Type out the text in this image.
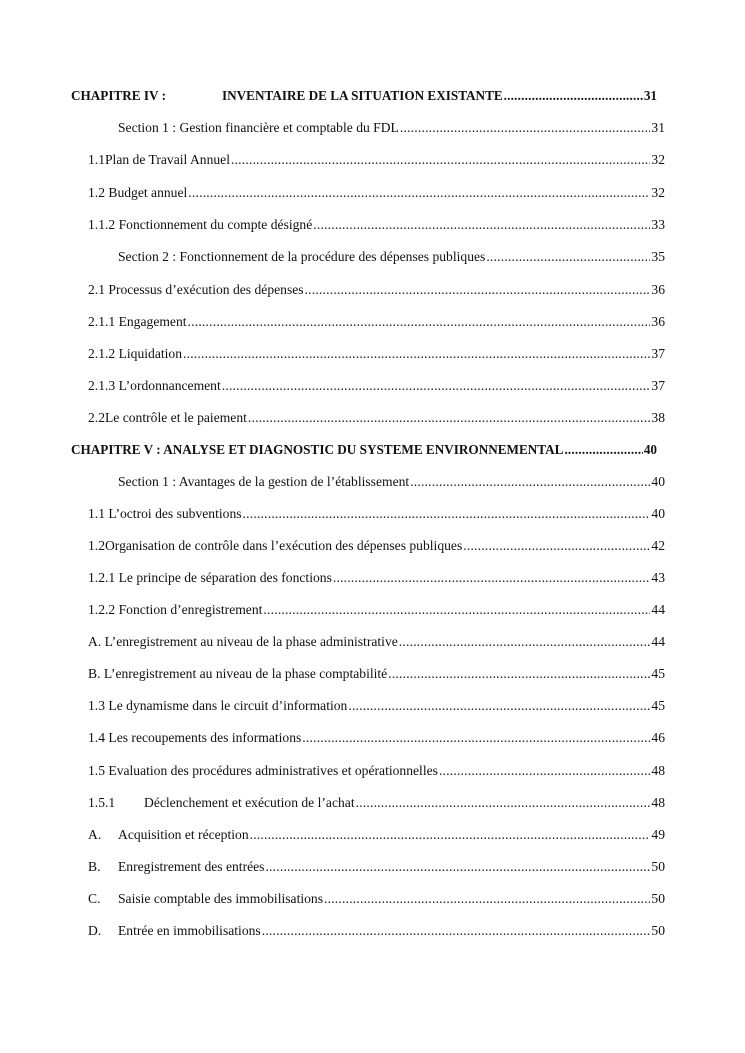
CHAPITRE IV :	INVENTAIRE DE LA SITUATION EXISTANTE .....	31
Section 1 : Gestion financière et comptable du FDL .....	31
1.1Plan de Travail Annuel .....	32
1.2 Budget annuel .....	32
1.1.2 Fonctionnement du compte désigné .....	33
Section 2 : Fonctionnement de la procédure des dépenses publiques .....	35
2.1 Processus d’exécution des dépenses .....	36
2.1.1 Engagement .....	36
2.1.2 Liquidation .....	37
2.1.3 L’ordonnancement .....	37
2.2Le contrôle et le paiement .....	38
CHAPITRE V : ANALYSE ET DIAGNOSTIC DU SYSTEME ENVIRONNEMENTAL .....	40
Section 1 : Avantages de la gestion de l’établissement .....	40
1.1 L’octroi des subventions .....	40
1.2Organisation de contrôle dans l’exécution des dépenses publiques .....	42
1.2.1 Le principe de séparation des fonctions .....	43
1.2.2 Fonction d’enregistrement .....	44
A. L’enregistrement au niveau de la phase administrative .....	44
B. L’enregistrement au niveau de la phase comptabilité .....	45
1.3 Le dynamisme dans le circuit d’information .....	45
1.4 Les recoupements des informations .....	46
1.5 Evaluation des procédures administratives et opérationnelles .....	48
1.5.1 Déclenchement et exécution de l’achat .....	48
A. Acquisition et réception .....	49
B. Enregistrement des entrées .....	50
C. Saisie comptable des immobilisations .....	50
D. Entrée en immobilisations .....	50
